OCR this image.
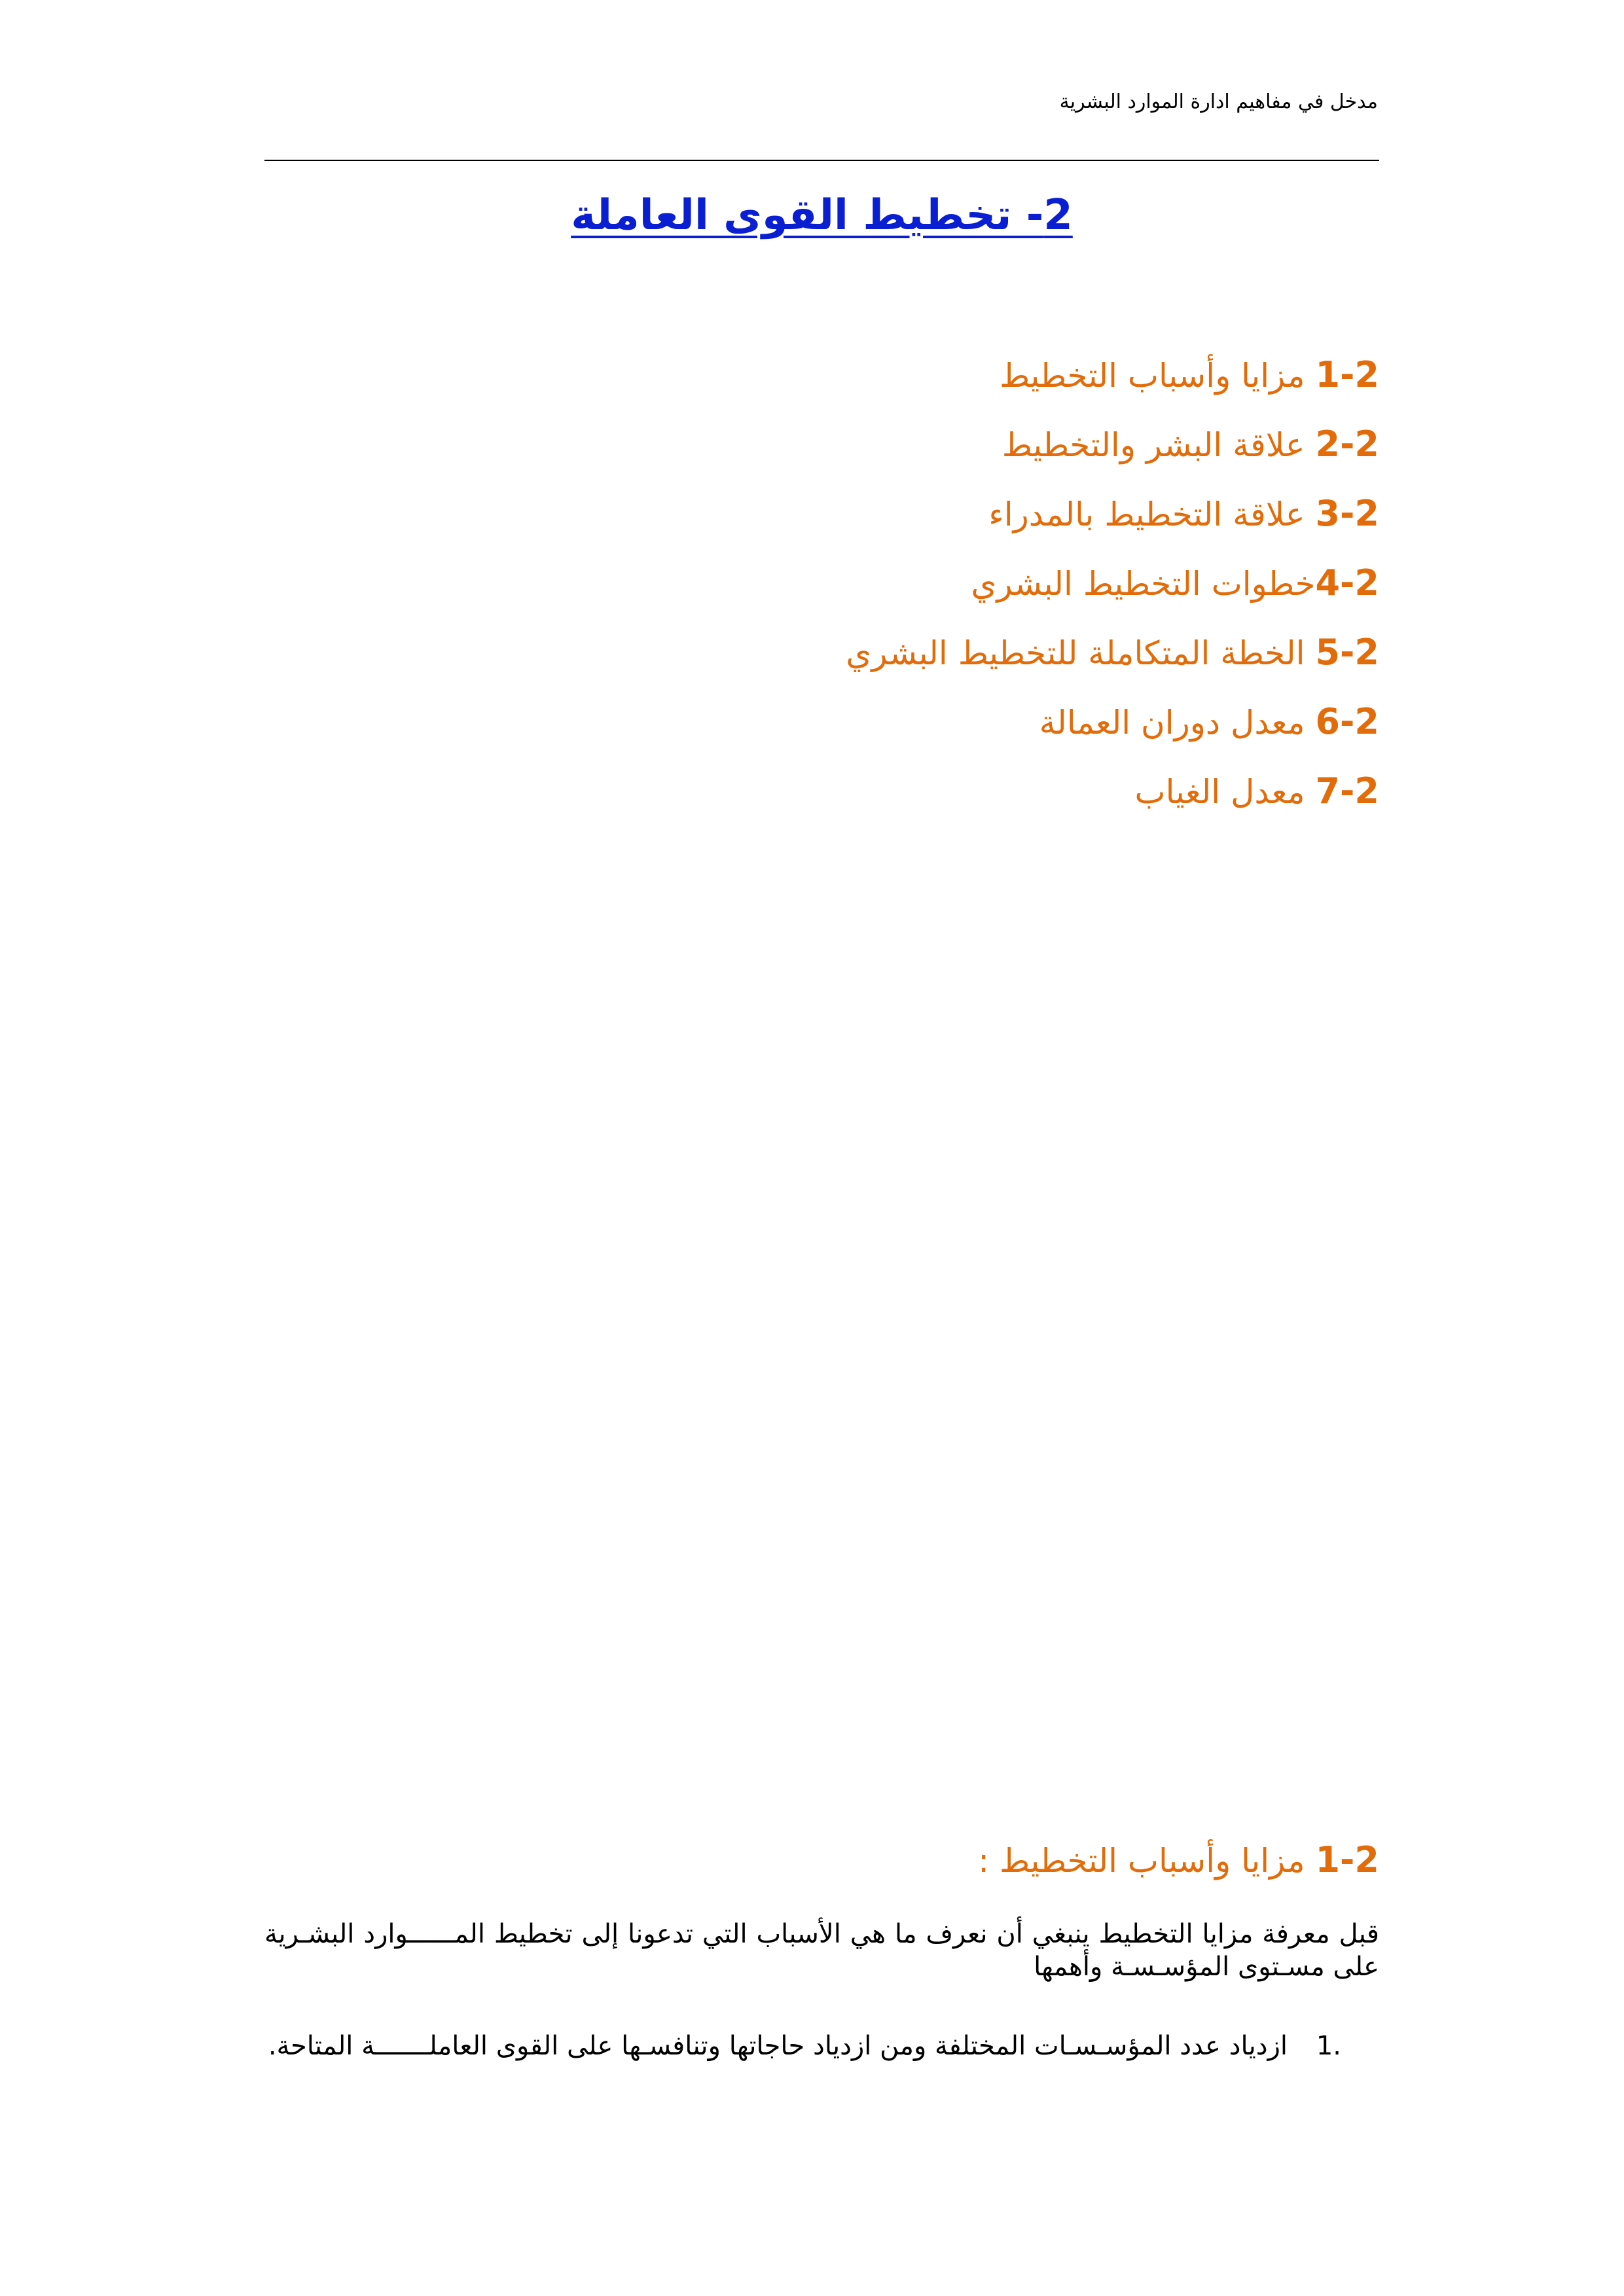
مدخل في مفاهيم ادارة الموارد البشرية
2- تخطيط القوى العاملة
1-2 مزايا وأسباب التخطيط
2-2 علاقة البشر والتخطيط
3-2 علاقة التخطيط بالمدراء
4-2خطوات التخطيط البشري
5-2 الخطة المتكاملة للتخطيط البشري
6-2 معدل دوران العمالة
7-2 معدل الغياب
1-2 مزايا وأسباب التخطيط :

قبل معرفة مزايا التخطيط ينبغي أن نعرف ما هي الأسباب التي تدعونا إلى تخطيط المــــــوارد البشـرية على مسـتوى المؤسـسـة وأهمها

.1
ازدياد عدد المؤسـسـات المختلفة ومن ازدياد حاجاتها وتنافسـها على القوى العاملـــــــة المتاحة.
